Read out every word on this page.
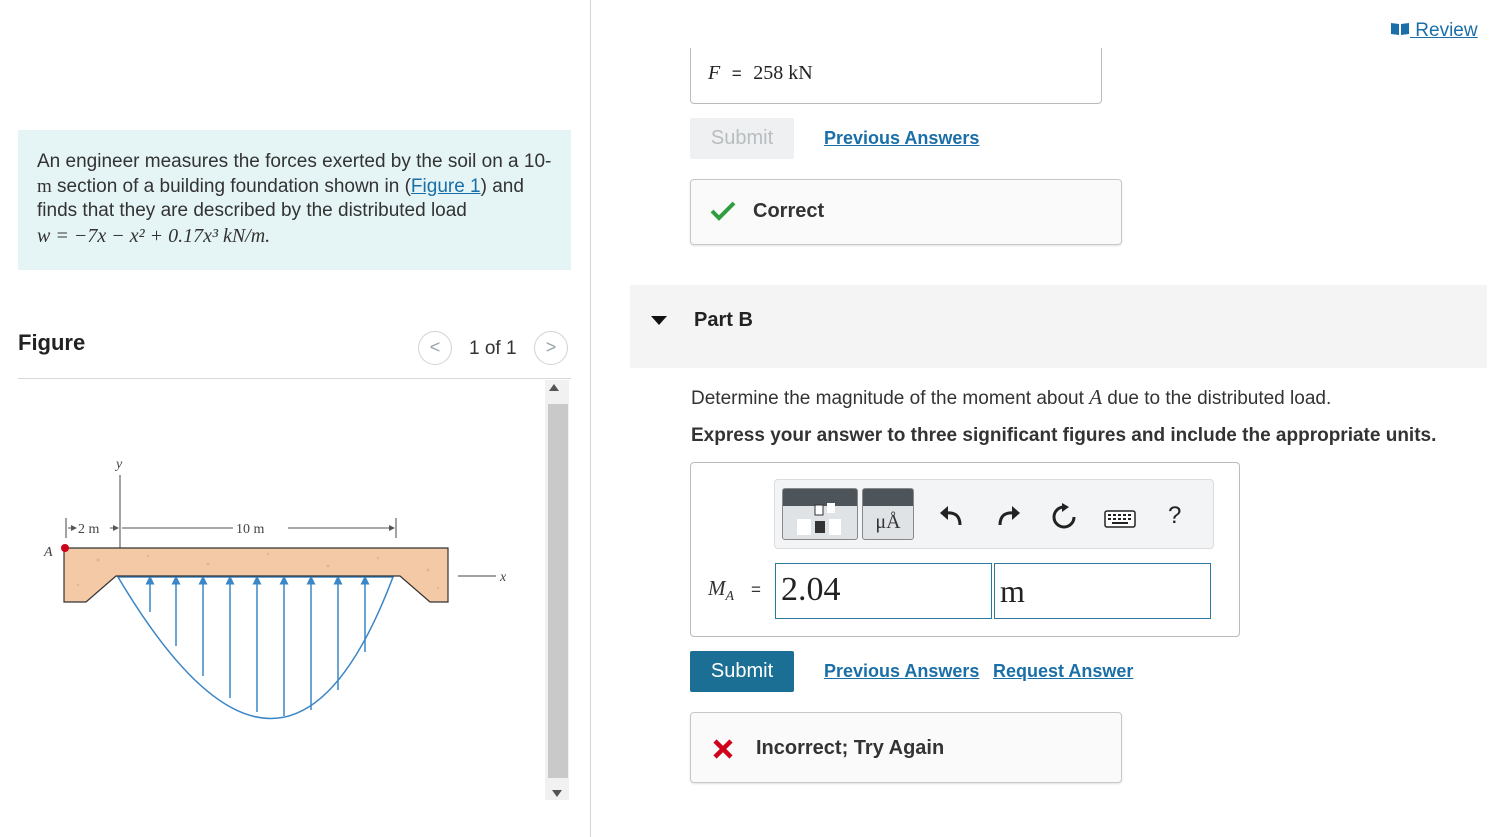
An engineer measures the forces exerted by the soil on a 10-m section of a building foundation shown in (Figure 1) and finds that they are described by the distributed load
w = −7x − x² + 0.17x³ kN/m.
Figure	<	1 of 1	>
y
2 m	10 m
x
A
Review
F = 258 kN
Submit	Previous Answers
Correct
Part B
Determine the magnitude of the moment about A due to the distributed load.
Express your answer to three significant figures and include the appropriate units.
μÅ	?
$M_A = 2.04$	m
Submit	Previous Answers Request Answer
Incorrect; Try Again
